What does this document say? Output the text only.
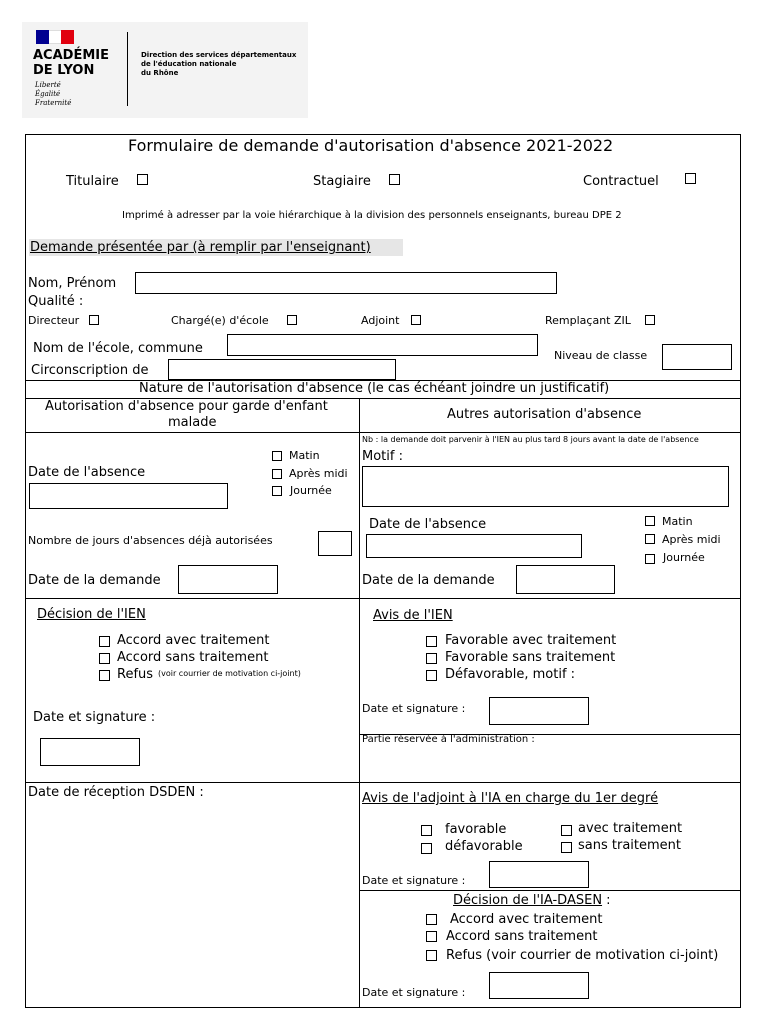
ACADÉMIE
DE LYON
Liberté
Égalité
Fraternité
Direction des services départementaux
de l'éducation nationale
du Rhône
Formulaire de demande d'autorisation d'absence 2021-2022
Titulaire	Stagiaire	Contractuel
Imprimé à adresser par la voie hiérarchique à la division des personnels enseignants, bureau DPE 2
Demande présentée par (à remplir par l'enseignant)
Nom, Prénom
Qualité :
Directeur	Chargé(e) d'école	Adjoint	Remplaçant ZIL
Nom de l'école, commune	Niveau de classe
Circonscription de
Nature de l'autorisation d'absence (le cas échéant joindre un justificatif)
Autorisation d'absence pour garde d'enfant
malade
Date de l'absence
Matin
Après midi
Journée
Nombre de jours d'absences déjà autorisées
Date de la demande
Décision de l'IEN
Accord avec traitement
Accord sans traitement
Refus (voir courrier de motivation ci-joint)
Date et signature :
Date de réception DSDEN :
Autres autorisation d'absence
Nb : la demande doit parvenir à l'IEN au plus tard 8 jours avant la date de l'absence
Motif :
Date de l'absence	Matin
Après midi
Journée
Date de la demande
Avis de l'IEN
Favorable avec traitement
Favorable sans traitement
Défavorable, motif :
Date et signature :
Partie réservée à l'administration :
Avis de l'adjoint à l'IA en charge du 1er degré
favorable	avec traitement
défavorable	sans traitement
Date et signature :
Décision de l'IA-DASEN :
Accord avec traitement
Accord sans traitement
Refus (voir courrier de motivation ci-joint)
Date et signature :
